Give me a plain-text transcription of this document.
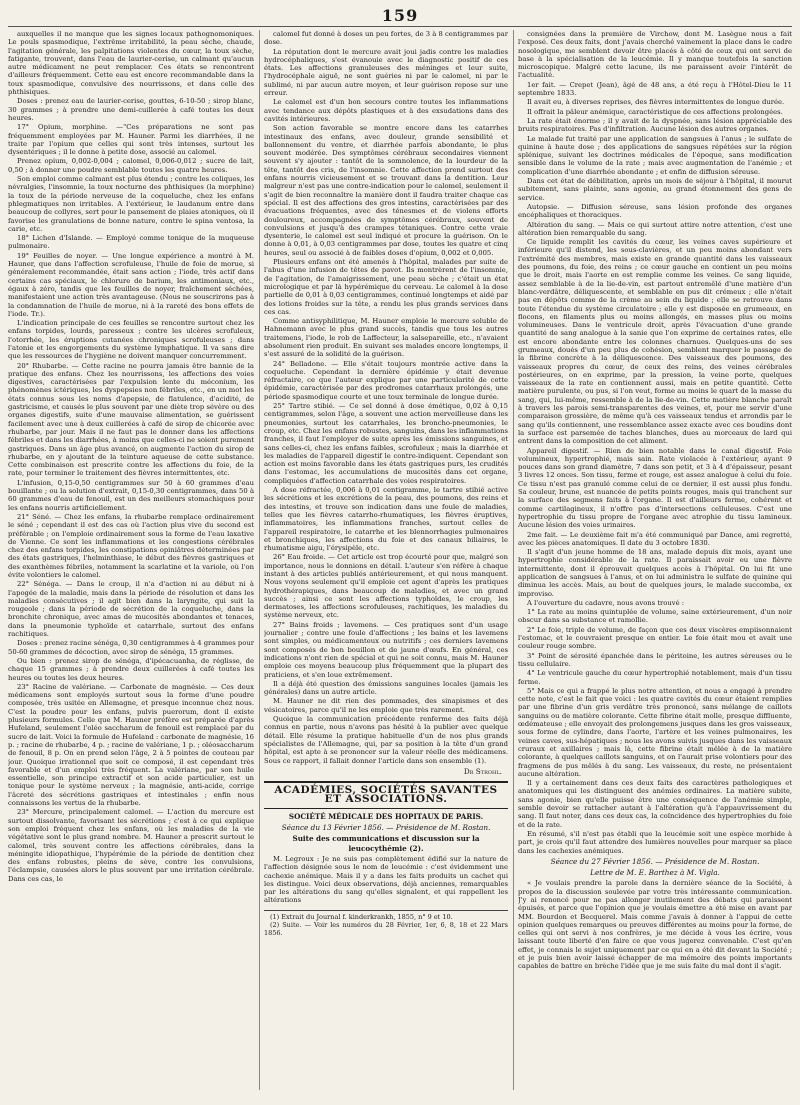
159

auxquelles il ne manque que les signes locaux pathognomoniques. Le pouls spasmodique, l'extrême irritabilité, la peau sèche, chaude, l'agitation générale, les palpitations violentes du cœur, la toux sèche, fatigante, trouvent, dans l'eau de laurier-cerise, un calmant qu'aucun autre médicament ne peut remplacer. Ces états se rencontrent d'ailleurs fréquemment. Cette eau est encore recommandable dans la toux spasmodique, convulsive des nourrissons, et dans celle des phthisiques.

Doses : prenez eau de laurier-cerise, gouttes, 6-10-50 ; sirop blanc, 30 grammes ; à prendre une demi-cuillerée à café toutes les deux heures.

17° Opium, morphine. —"Ces préparations ne sont pas fréquemment employées par M. Hauner. Parmi les diarrhées, il ne traite par l'opium que celles qui sont très intenses, surtout les dysentériques ; il le donne à petite dose, associé au calomel.

Prenez opium, 0,002-0,004 ; calomel, 0,006-0,012 ; sucre de lait, 0,50 ; à donner une poudre semblable toutes les quatre heures.

Son emploi comme calmant est plus étendu ; contre les coliques, les névralgies, l'insomnie, la toux nocturne des phthisiques (la morphine) la toux de la période nerveuse de la coqueluche, chez les enfans phlegmatiques non irritables. A l'extérieur, le laudanum entre dans beaucoup de collyres, sert pour le pansement de plaies atoniques, où il favorise les granulations de bonne nature, contre le spina ventosa, la carie, etc.

18° Lichen d'Islande. — Employé comme tonique de la muqueuse pulmonaire.

19° Feuilles de noyer. — Une longue expérience a montré à M. Hauner, que dans l'affection scrofuleuse, l'huile de foie de morue, si généralement recommandée, était sans action ; l'iode, très actif dans certains cas spéciaux, le chlorure de barium, les antimoniaux, etc., égaux à zéro, tandis que les feuilles de noyer, fraîchement séchées, manifestaient une action très avantageuse. (Nous ne souscrirons pas à la condamnation de l'huile de morue, ni à la rareté des bons effets de l'iode. Tr.).

L'indication principale de ces feuilles se rencontre surtout chez les enfans torpides, lourds, paresseux ; contre les ulcères scrofuleux, l'otorrhée, les éruptions cutanées chroniques scrofuleuses ; dans l'atonie et les engorgements du système lymphatique. Il va sans dire que les ressources de l'hygiène ne doivent manquer concurremment.

20° Rhubarbe. — Cette racine ne pourra jamais être bannie de la pratique des enfans. Chez les nourrissons, les affections des voies digestives, caractérisées par l'expulsion lente du méconium, les phénomènes ictériques, les dyspepsies non fébriles, etc., en un mot les états connus sous les noms d'apepsie, de flatulence, d'acidité, de gastricisme, et causés le plus souvent par une diète trop sévère ou des organes digestifs, suite d'une mauvaise alimentation, se guérissent facilement avec une à deux cuillerées à café de sirop de chicorée avec rhubarbe, par jour. Mais il ne faut pas le donner dans les affections fébriles et dans les diarrhées, à moins que celles-ci ne soient purement gastriques. Dans un âge plus avancé, on augmente l'action du sirop de rhubarbe, en y ajoutant de la teinture aqueuse de cette substance. Cette combinaison est prescrite contre les affections du foie, de la rate, pour terminer le traitement des fièvres intermittentes, etc.

L'infusion, 0,15-0,50 centigrammes sur 50 à 60 grammes d'eau bouillante ; ou la solution d'extrait, 0,15-0,30 centigrammes, dans 50 à 60 grammes d'eau de fenouil, est un des meilleurs stomachiques pour les enfans nourris artificiellement.

21° Séné. — Chez les enfans, la rhubarbe remplace ordinairement le séné ; cependant il est des cas où l'action plus vive du second est préférable ; on l'emploie ordinairement sous la forme de l'eau laxative de Vienne. Ce sont les inflammations et les congestions cérébrales chez des enfans torpides, les constipations opiniâtres déterminées par des états gastriques, l'helminthiase, le début des fièvres gastriques et des exanthèmes fébriles, notamment la scarlatine et la variole, où l'on évite volontiers le calomel.

22° Sénéga. — Dans le croup, il n'a d'action ni au début ni à l'apogée de la maladie, mais dans la période de résolution et dans les maladies consécutives ; il agit bien dans la laryngite, qui suit la rougeole ; dans la période de sécrétion de la coqueluche, dans la bronchite chronique, avec amas de mucosités abondantes et tenaces, dans la pneumonie typhoïde et catarrhale, surtout des enfans rachitiques.

Doses : prenez racine sénéga, 0,30 centigrammes à 4 grammes pour 50-60 grammes de décoction, avec sirop de sénéga, 15 grammes.

Ou bien : prenez sirop de sénéga, d'ipécacuanha, de réglisse, de chaque 15 grammes ; à prendre deux cuillerées à café toutes les heures ou toutes les deux heures.

23° Racine de valériane. — Carbonate de magnésie. — Ces deux médicamens sont employés surtout sous la forme d'une poudre composée, très usitée en Allemagne, et presque inconnue chez nous. C'est la poudre pour les enfans, pulvis puerorum, dont il existe plusieurs formules. Celle que M. Hauner préfère est préparée d'après Hufeland, seulement l'oléo saccharum de fenouil est remplacé par du sucre de lait. Voici la formule de Hufeland : carbonate de magnésie, 16 p. ; racine de rhubarbe, 4 p. ; racine de valériane, 1 p. ; oléosaccharum de fenouil, 8 p. On en prend selon l'âge, 2 à 5 pointes de couteau par jour. Quoique irrationnel que soit ce composé, il est cependant très favorable et d'un emploi très fréquent. La valériane, par son huile essentielle, son principe extractif et son acide particulier, est un tonique pour le système nerveux ; la magnésie, anti-acide, corrige l'âcreté des sécrétions gastriques et intestinales ; enfin nous connaissons les vertus de la rhubarbe.

23° Mercure, principalement calomel. — L'action du mercure est surtout dissolvante, favorisant les sécrétions ; c'est à ce qui explique son emploi fréquent chez les enfans, où les maladies de la vie végétative sont le plus grand nombre. M. Hauner a prescrit surtout le calomel, très souvent contre les affections cérébrales, dans la méningite idiopathique, l'hypérémie de la période de dentition chez des enfans robustes, pleins de sève, contre les convulsions, l'éclampsie, causées alors le plus souvent par une irritation cérébrale. Dans ces cas, le

calomel fut donné à doses un peu fortes, de 3 à 8 centigrammes par dose.

La réputation dont le mercure avait joui jadis contre les maladies hydrocéphaliques, s'est évanouie avec le diagnostic positif de ces états. Les affections granuleuses des méninges et leur suite, l'hydrocéphale aiguë, ne sont guéries ni par le calomel, ni par le sublimé, ni par aucun autre moyen, et leur guérison repose sur une erreur.

Le calomel est d'un bon secours contre toutes les inflammations avec tendance aux dépôts plastiques et à des exsudations dans des cavités intérieures.

Son action favorable se montre encore dans les catarrhes intestinaux des enfans, avec douleur, grande sensibilité et ballonnement du ventre, et diarrhée parfois abondante, le plus souvent modérée. Des symptômes cérébraux secondaires viennent souvent s'y ajouter : tantôt de la somnolence, de la lourdeur de la tête, tantôt des cris, de l'insomnie. Cette affection prend surtout des enfans nourris vicieusement et se trouvant dans la dentition. Leur malgreur n'est pas une contre-indication pour le calomel, seulement il s'agit de bien reconnaître la manière dont il faudra traiter chaque cas spécial. Il est des affections des gros intestins, caractérisées par des évacuations fréquentes, avec des ténesmes et de violens efforts douloureux, accompagnées de symptômes cérébraux, souvent de convulsions et jusqu'à des crampes tétaniques. Contre cette vraie dysenterie, le calomel est seul indiqué et procure la guérison. On le donne à 0,01, à 0,03 centigrammes par dose, toutes les quatre et cinq heures, seul ou associé à de faibles doses d'opium, 0,002 et 0,005.

Plusieurs enfans ont été amenés à l'hôpital, malades par suite de l'abus d'une infusion de têtes de pavot. Ils montrèrent de l'insomnie, de l'agitation, de l'amaigrissement, une peau sèche ; c'était un état micrologique et par là hypérémique du cerveau. Le calomel à la dose partielle de 0,01 à 0,03 centigrammes, continué longtemps et aidé par des lotions froides sur la tête, a rendu les plus grands services dans ces cas.

Comme antisyphilitique, M. Hauner emploie le mercure soluble de Hahnemann avec le plus grand succès, tandis que tous les autres traitemens, l'iode, le rob de Laffecteur, la salsepareille, etc., n'avaient absolument rien produit. En suivant ses malades encore longtemps, il s'est assuré de la solidité de la guérison.

24° Belladone. — Elle s'était toujours montrée active dans la coqueluche. Cependant la dernière épidémie y était devenue réfractaire, ce que l'auteur explique par une particularité de cette épidémie, caractérisée par des prodromes catarrhaux prolongés, une période spasmodique courte et une toux terminale de longue durée.

25° Tartre stibié. — Ce sel donné à dose émétique, 0,02 à 0,15 centigrammes, selon l'âge, a souvent une action merveilleuse dans les pneumonies, surtout les catarrhales, les broncho-pneumonies, le croup, etc. Chez les enfans robustes, sanguins, dans les inflammations franches, il faut l'employer de suite après les émissions sanguines, et sans celles-ci, chez les enfans faibles, scrofuleux ; mais la diarrhée et les maladies de l'appareil digestif le contre-indiquent. Cependant son action est moins favorable dans les états gastriques purs, les crudités dans l'estomac, les accumulations de mucosités dans cet organe, compliquées d'affection catarrhale des voies respiratoires.

A dose réfractée, 0,006 à 0,01 centigramme, le tartre stibié active les sécrétions et les excrétions de la peau, des poumons, des reins et des intestins, et trouve son indication dans une foule de maladies, telles que les fièvres catarrho-rhumatiques, les fièvres éruptives, inflammatoires, les inflammations franches, surtout celles de l'appareil respiratoire, le catarrhe et les blennorrhagies pulmonaires et bronchiques, les affections du foie et des canaux biliaires, le rhumatisme aigu, l'érysipèle, etc.

26° Eau froide. — Cet article est trop écourté pour que, malgré son importance, nous le donnions en détail. L'auteur s'en réfère à chaque instant à des articles publiés antérieurement, et qui nous manquent. Nous voyons seulement qu'il emploie cet agent d'après les pratiques hydrothérapiques, dans beaucoup de maladies, et avec un grand succès ; ainsi ce sont les affections typhoïdes, le croup, les dermatoses, les affections scrofuleuses, rachitiques, les maladies du système nerveux, etc.

27° Bains froids ; lavemens. — Ces pratiques sont d'un usage journalier ; contre une foule d'affections ; les bains et les lavemens sont simples, ou médicamenteux ou nutritifs ; ces derniers lavemens sont composés de bon bouillon et de jaune d'œufs. En général, ces indications n'ont rien de spécial et qui ne soit connu, mais M. Hauner emploie ces moyens beaucoup plus fréquemment que la plupart des praticiens, et s'en loue extrêmement.

Il a déjà été question des émissions sanguines locales (jamais les générales) dans un autre article.

M. Hauner ne dit rien des pommades, des sinapismes et des vésicatoires, parce qu'il ne les emploie que très rarement.

Quoique la communication précédente renferme des faits déjà connus en partie, nous n'avons pas hésité à la publier avec quelque détail. Elle résume la pratique habituelle d'un de nos plus grands spécialistes de l'Allemagne, qui, par sa position à la tête d'un grand hôpital, est apte à se prononcer sur la valeur réelle des médicamens. Sous ce rapport, il fallait donner l'article dans son ensemble (1).

Dr Strohl.
ACADÉMIES, SOCIÉTÉS SAVANTES ET ASSOCIATIONS.
SOCIÉTÉ MÉDICALE DES HOPITAUX DE PARIS.
Séance du 13 Février 1856. — Présidence de M. Rostan.
Suite des communications et discussion sur la leucocythémie (2).

M. Legroux : Je ne suis pas complètement édifié sur la nature de l'affection désignée sous le nom de leucémie : c'est évidemment une cachexie anémique. Mais il y a dans les faits produits un cachet qui les distingue. Voici deux observations, déjà anciennes, remarquables par les altérations du sang qu'elles signalent, et qui rappellent les altérations

(1) Extrait du Journal f. kinderkrankh, 1855, n° 9 et 10.
(2) Suite. — Voir les numéros du 28 Février, 1er, 6, 8, 18 et 22 Mars 1856.

consignées dans la première de Virchow, dont M. Lasègue nous a fait l'exposé. Ces deux faits, dont j'avais cherché vainement la place dans le cadre nosologique, me semblent devoir être placés à côté de ceux qui ont servi de base à la spécialisation de la leucémie. Il y manque toutefois la sanction microscopique. Malgré cette lacune, ils me paraissent avoir l'intérêt de l'actualité.

1er fait. — Crepet (Jean), âgé de 48 ans, a été reçu à l'Hôtel-Dieu le 11 septembre 1833.

Il avait eu, à diverses reprises, des fièvres intermittentes de longue durée.

Il offrait la pâleur anémique, caractéristique de ces affections prolongées.

La rate était énorme ; il y avait de la dyspnée, sans lésion appréciable des bruits respiratoires. Pas d'infiltration. Aucune lésion des autres organes.

Le malade fut traité par une application de sangsues à l'anus ; le sulfate de quinine à haute dose ; des applications de sangsues répétées sur la région splénique, suivant les doctrines médicales de l'époque, sans modification sensible dans le volume de la rate ; mais avec augmentation de l'anémie ; et complication d'une diarrhée abondante ; et enfin de diffusion séreuse.

Dans cet état de débilitation, après un mois de séjour à l'hôpital, il mourut subitement, sans plainte, sans agonie, au grand étonnement des gens de service.

Autopsie. — Diffusion séreuse, sans lésion profonde des organes encéphaliques et thoraciques.

Altération du sang. — Mais ce qui surtout attire notre attention, c'est une altération bien remarquable du sang.

Ce liquide remplit les cavités du cœur, les veines caves supérieure et inférieure qu'il distend, les sous-clavières, et un peu moins abondant vers l'extrémité des membres, mais existe en grande quantité dans les vaisseaux des poumons, du foie, des reins ; ce cœur gauche en contient un peu moins que le droit, mais l'aorte en est remplie comme les veines. Ce sang liquide, assez semblable à de la lie-de-vin, est partout entremêlé d'une matière d'un blanc-verdâtre, déliquescente, et semblable en pus dit crémeux ; elle n'était pas en dépôts comme de la crème au sein du liquide ; elle se retrouve dans toute l'étendue du système circulatoire ; elle y est disposée en grumeaux, en flocons, en filaments plus ou moins allongés, en masses plus ou moins volumineuses. Dans le ventricule droit, après l'évacuation d'une grande quantité de sang analogue à la sanie que l'on exprime de certaines rates, elle est encore abondante entre les colonnes charnues. Quelques-uns de ses grumeaux, doués d'un peu plus de cohésion, semblent marquer le passage de la fibrine concrète à la déliquescence. Des vaisseaux des poumons, des vaisseaux propres du cœur, de ceux des reins, des veines cérébrales postérieures, on en exprime, par la pression, la veine porte, quelques vaisseaux de la rate en contiennent aussi, mais en petite quantité. Cette matière purulente, ou pus, si l'on veut, forme au moins le quart de la masse du sang, qui, lui-même, ressemble à de la lie-de-vin. Cette matière blanche paraît à travers les parois semi-transparentes des veines, et, pour me servir d'une comparaison grossière, de même qu'à ces vaisseaux tendus et arrondis par le sang qu'ils contiennent, une ressemblance assez exacte avec ces boudins dont la surface est parsemée de taches blanches, dues au morceaux de lard qui entrent dans la composition de cet aliment.

Appareil digestif. — Rien de bien notable dans le canal digestif. Foie volumineux, hypertrophié, mais sain. Rate violacée à l'extérieur, ayant 9 pouces dans son grand diamètre, 7 dans son petit, et 3 à 4 d'épaisseur, pesant 3 livres 12 onces. Son tissu, ferme et rouge, est assez analogue à celui du foie. Ce tissu n'est pas granulé comme celui de ce dernier, il est aussi plus fondu. Sa couleur, brune, est nuancée de petits points rouges, mais qui tranchent sur la surface des segmens faits à l'organe. Il est d'ailleurs ferme, cohérent et comme cartilagineux, il n'offre pas d'intersections celluleuses. C'est une hypertrophie du tissu propre de l'organe avec atrophie du tissu lamineux. Aucune lésion des voies urinaires.

2me fait. — Le deuxième fait m'a été communiqué par Dance, ami regretté, avec les pièces anatomiques. Il date du 3 octobre 1830.

Il s'agit d'un jeune homme de 18 ans, malade depuis dix mois, ayant une hypertrophie considérable de la rate. Il paraissait avoir eu une fièvre intermittente, dont il éprouvait quelques accès à l'hôpital. On lui fit une application de sangsues à l'anus, et on lui administra le sulfate de quinine qui diminua les accès. Mais, au bout de quelques jours, le malade succomba, ex improviso.

A l'ouverture du cadavre, nous avons trouvé :

1° La rate au moins quintuplée de volume, saine extérieurement, d'un noir obscur dans sa substance et ramollie.

2° Le foie, triple de volume, de façon que ces deux viscères empiisonnaient l'estomac, et le couvraient presque en entier. Le foie était mou et avait une couleur rouge sombre.

3° Point de sérosité épanchée dans le péritoine, les autres séreuses ou le tissu cellulaire.

4° Le ventricule gauche du cœur hypertrophié notablement, mais d'un tissu ferme.

5° Mais ce qui a frappé le plus notre attention, et nous a engagé à prendre cette note, c'est le fait que voici : les quatre cavités du cœur étaient remplies par une fibrine d'un gris verdâtre très prononcé, sans mélange de caillots sanguins ou de matière colorante. Cette fibrine était molle, presque diffluente, œdémateuse ; elle envoyait des prolongemens jusques dans les gros vaisseaux, sous forme de cylindre, dans l'aorte, l'artère et les veines pulmonaires, les veines caves, sus-hépatiques ; nous les avons suivis jusques dans les vaisseaux cruraux et axillaires ; mais là, cette fibrine était mêlée à de la matière colorante, à quelques caillots sanguins, et on l'aurait prise volontiers pour des fragmens de pus mêlés à du sang. Les vaisseaux, du reste, ne présentaient aucune altération.

Il y a certainement dans ces deux faits des caractères pathologiques et anatomiques qui les distinguent des anémies ordinaires. La matière subite, sans agonie, bien qu'elle puisse être une conséquence de l'anémie simple, semble devoir se rattacher autant à l'altération qu'à l'appauvrissement du sang. Il faut noter, dans ces deux cas, la coïncidence des hypertrophies du foie et de la rate.

En résumé, s'il n'est pas établi que la leucémie soit une espèce morbide à part, je crois qu'il faut attendre des lumières nouvelles pour marquer sa place dans les cachexies anémiques.

Séance du 27 Février 1856. — Présidence de M. Rostan.
Lettre de M. E. Barthez à M. Vigla.

« Je voulais prendre la parole dans la dernière séance de la Société, à propos de la discussion soulevée par votre très intéressante communication. J'y ai renoncé pour ne pas allonger inutilement des débats qui paraissent épuisés, et parce que l'opinion que je voulais émettre a été mise en avant par MM. Bourdon et Becquerel. Mais comme j'avais à donner à l'appui de cette opinion quelques remarques ou preuves différentes au moins pour la forme, de celles qui ont servi à nos confrères, je me décide à vous les écrire, vous laissant toute liberté d'en faire ce que vous jugerez convenable. C'est qu'en effet, je connais le sujet uniquement par ce qui en a été dit devant la Société ; et je puis bien avoir laissé échapper de ma mémoire des points importants capables de battre en brèche l'idée que je me suis faite du mal dont il s'agit.
